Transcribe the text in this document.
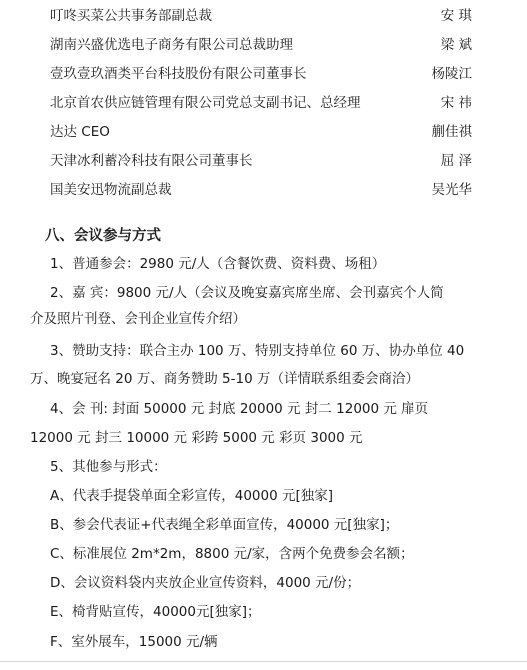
叮咚买菜公共事务部副总裁	安 琪
湖南兴盛优选电子商务有限公司总裁助理	梁 斌
壹玖壹玖酒类平台科技股份有限公司董事长	杨陵江
北京首农供应链管理有限公司党总支副书记、总经理	宋 祎
达达 CEO	蒯佳祺
天津冰利蓄冷科技有限公司董事长	屈 泽
国美安迅物流副总裁	吴光华
八、会议参与方式
1、普通参会：2980 元/人（含餐饮费、资料费、场租）
2、嘉 宾：9800 元/人（会议及晚宴嘉宾席坐席、会刊嘉宾个人简
介及照片刊登、会刊企业宣传介绍）
3、赞助支持：联合主办 100 万、特别支持单位 60 万、协办单位 40
万、晚宴冠名 20 万、商务赞助 5-10 万（详情联系组委会商洽）
4、会 刊: 封面 50000 元 封底 20000 元 封二 12000 元 扉页
12000 元 封三 10000 元 彩跨 5000 元 彩页 3000 元
5、其他参与形式：
A、代表手提袋单面全彩宣传，40000 元[独家]
B、参会代表证+代表绳全彩单面宣传，40000 元[独家]；
C、标准展位 2m*2m，8800 元/家，含两个免费参会名额；
D、会议资料袋内夹放企业宣传资料，4000 元/份；
E、椅背贴宣传，40000元[独家]；
F、室外展车，15000 元/辆
